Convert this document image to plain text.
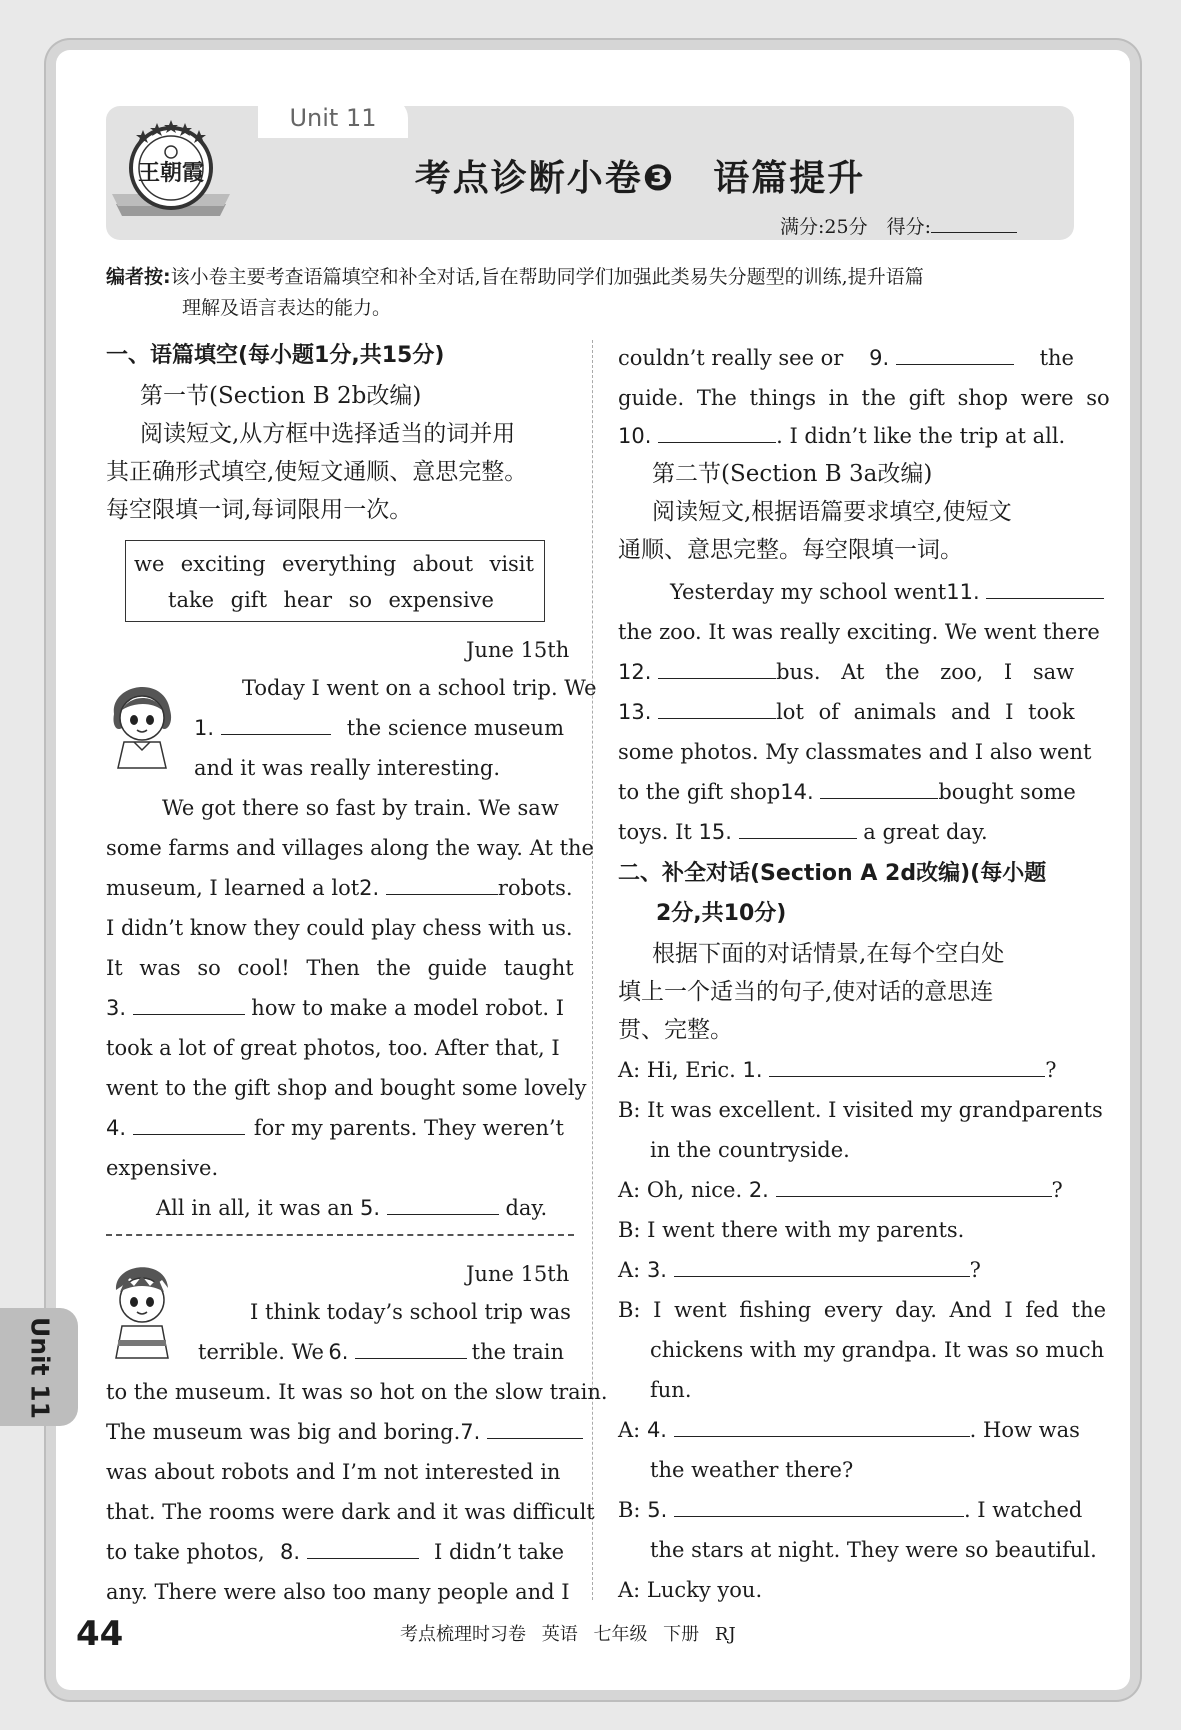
Unit 11
王朝霞	考点诊断小卷❸　语篇提升
满分:25分　得分:
编者按:该小卷主要考查语篇填空和补全对话,旨在帮助同学们加强此类易失分题型的训练,提升语篇
理解及语言表达的能力。
一、语篇填空(每小题1分,共15分)
第一节(Section B 2b改编)
阅读短文,从方框中选择适当的词并用
其正确形式填空,使短文通顺、意思完整。
每空限填一词,每词限用一次。
we exciting everything about visit
take gift hear so expensive
June 15th
Today I went on a school trip. We
1.	the science museum
and it was really interesting.
We got there so fast by train. We saw
some farms and villages along the way. At the
museum, I learned a lot 2.	robots.
I didn’t know they could play chess with us.
It was so cool! Then the guide taught
3.	how to make a model robot. I
took a lot of great photos, too. After that, I
went to the gift shop and bought some lovely
4.	for my parents. They weren’t
expensive.
All in all, it was an 5.	day.
June 15th
I think today’s school trip was
terrible. We 6.	the train
to the museum. It was so hot on the slow train.
The museum was big and boring. 7.
was about robots and I’m not interested in
that. The rooms were dark and it was difficult
to take photos, 8.	I didn’t take
any. There were also too many people and I
couldn’t really see or 9.	the
guide. The things in the gift shop were so
10.	. I didn’t like the trip at all.
第二节(Section B 3a改编)
阅读短文,根据语篇要求填空,使短文
通顺、意思完整。每空限填一词。
Yesterday my school went 11.
the zoo. It was really exciting. We went there
12.	bus. At the zoo, I saw
13.	lot of animals and I took
some photos. My classmates and I also went
to the gift shop 14.	bought some
toys. It 15.	a great day.
二、补全对话(Section A 2d改编)(每小题
2分,共10分)
根据下面的对话情景,在每个空白处
填上一个适当的句子,使对话的意思连
贯、完整。
A: Hi, Eric. 1.	?
B: It was excellent. I visited my grandparents
in the countryside.
A: Oh, nice. 2.	?
B: I went there with my parents.
A: 3.	?
B: I went fishing every day. And I fed the
chickens with my grandpa. It was so much
fun.
A: 4.	. How was
the weather there?
B: 5.	. I watched
the stars at night. They were so beautiful.
A: Lucky you.
Unit 11
44	考点梳理时习卷 英语 七年级 下册 RJ
